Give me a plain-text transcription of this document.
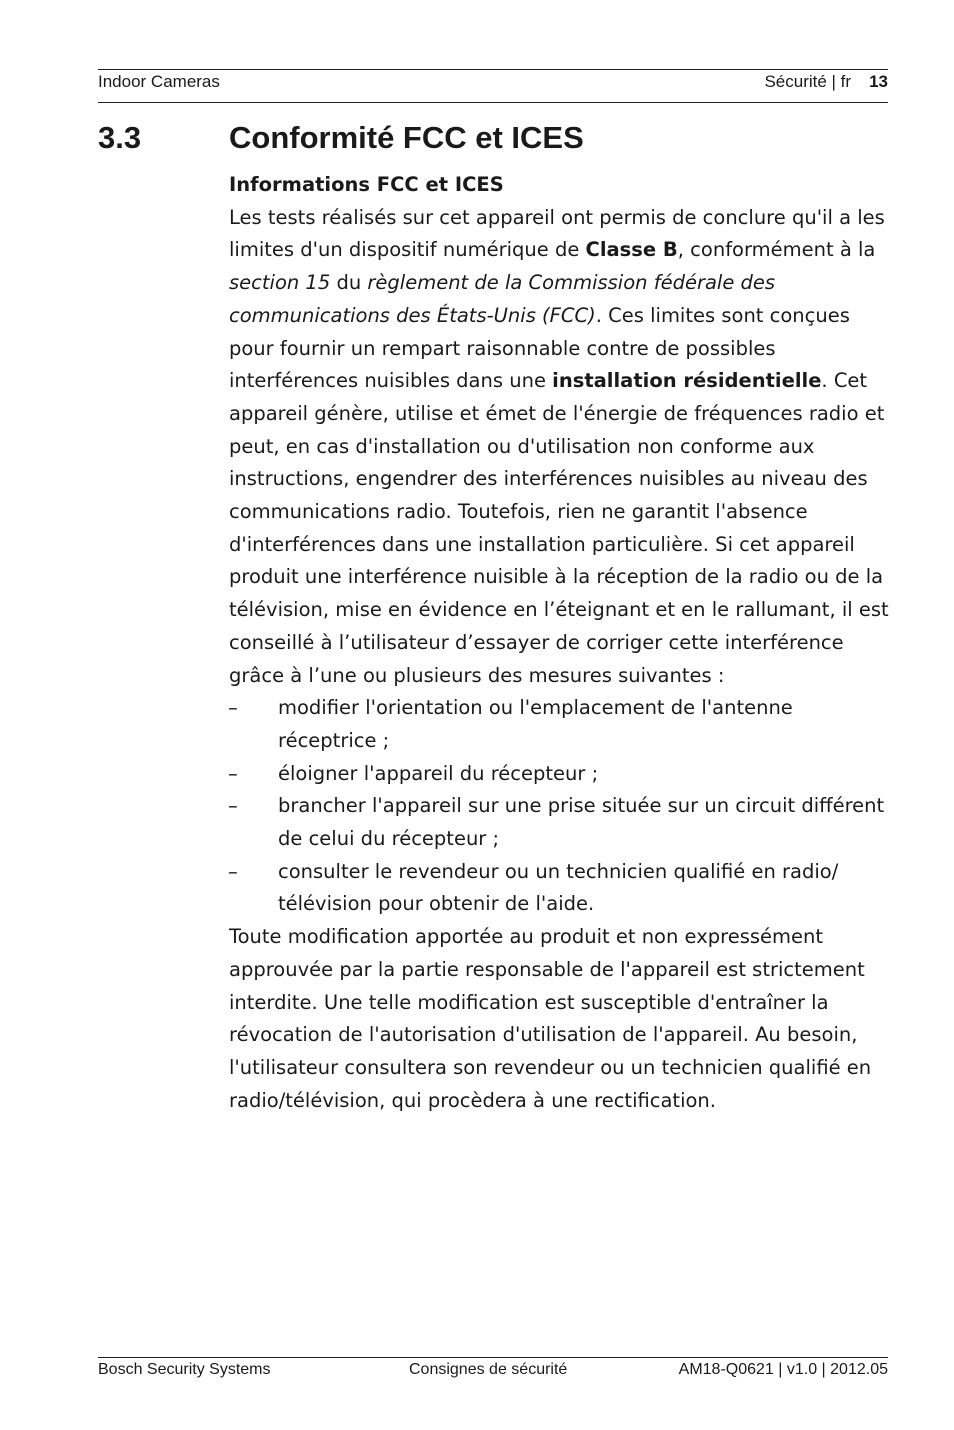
Indoor Cameras	Sécurité | fr 13
3.3	Conformité FCC et ICES

Informations FCC et ICES

Les tests réalisés sur cet appareil ont permis de conclure qu'il a les limites d'un dispositif numérique de Classe B, conformément à la section 15 du règlement de la Commission fédérale des communications des États-Unis (FCC). Ces limites sont conçues pour fournir un rempart raisonnable contre de possibles interférences nuisibles dans une installation résidentielle. Cet appareil génère, utilise et émet de l'énergie de fréquences radio et peut, en cas d'installation ou d'utilisation non conforme aux instructions, engendrer des interférences nuisibles au niveau des communications radio. Toutefois, rien ne garantit l'absence d'interférences dans une installation particulière. Si cet appareil produit une interférence nuisible à la réception de la radio ou de la télévision, mise en évidence en l’éteignant et en le rallumant, il est conseillé à l’utilisateur d’essayer de corriger cette interférence grâce à l’une ou plusieurs des mesures suivantes :

– modifier l'orientation ou l'emplacement de l'antenne réceptrice ;
– éloigner l'appareil du récepteur ;
– brancher l'appareil sur une prise située sur un circuit différent de celui du récepteur ;
– consulter le revendeur ou un technicien qualifié en radio/ télévision pour obtenir de l'aide.

Toute modification apportée au produit et non expressément approuvée par la partie responsable de l'appareil est strictement interdite. Une telle modification est susceptible d'entraîner la révocation de l'autorisation d'utilisation de l'appareil. Au besoin, l'utilisateur consultera son revendeur ou un technicien qualifié en radio/télévision, qui procèdera à une rectification.

Bosch Security Systems	Consignes de sécurité	AM18-Q0621 | v1.0 | 2012.05
